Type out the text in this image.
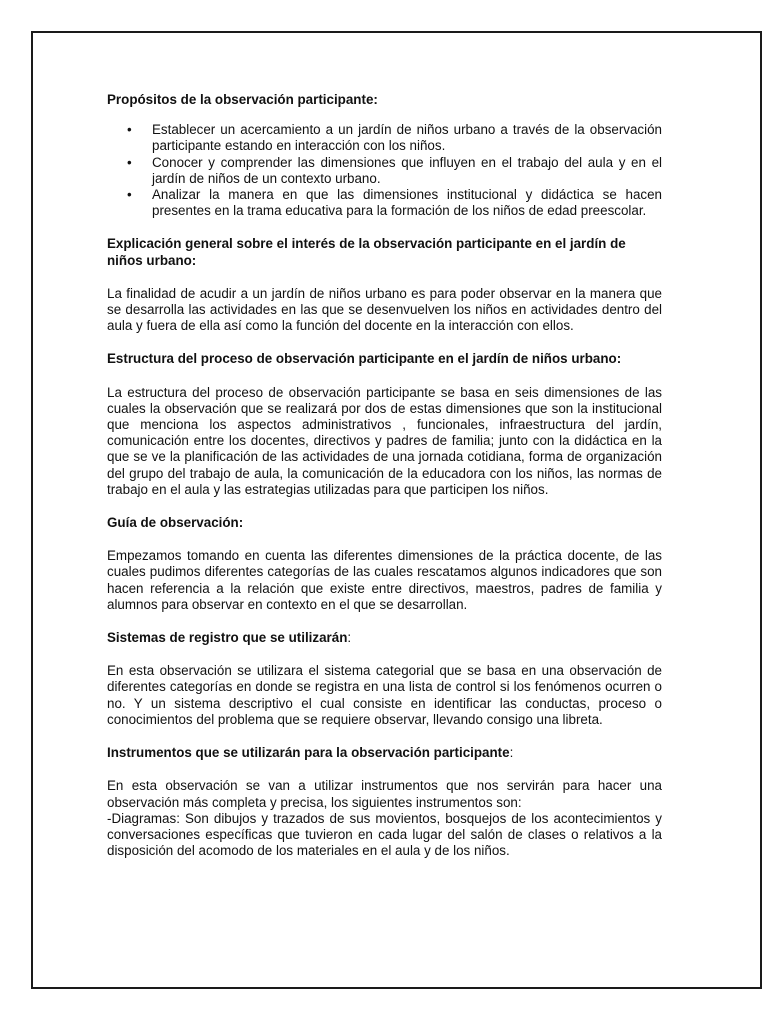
Propósitos de la observación participante:
• Establecer un acercamiento a un jardín de niños urbano a través de la observación participante estando en interacción con los niños.
• Conocer y comprender las dimensiones que influyen en el trabajo del aula y en el jardín de niños de un contexto urbano.
• Analizar la manera en que las dimensiones institucional y didáctica se hacen presentes en la trama educativa para la formación de los niños de edad preescolar.
Explicación general sobre el interés de la observación participante en el jardín de niños urbano:

La finalidad de acudir a un jardín de niños urbano es para poder observar en la manera que se desarrolla las actividades en las que se desenvuelven los niños en actividades dentro del aula y fuera de ella así como la función del docente en la interacción con ellos.

Estructura del proceso de observación participante en el jardín de niños urbano:

La estructura del proceso de observación participante se basa en seis dimensiones de las cuales la observación que se realizará por dos de estas dimensiones que son la institucional que menciona los aspectos administrativos , funcionales, infraestructura del jardín, comunicación entre los docentes, directivos y padres de familia; junto con la didáctica en la que se ve la planificación de las actividades de una jornada cotidiana, forma de organización del grupo del trabajo de aula, la comunicación de la educadora con los niños, las normas de trabajo en el aula y las estrategias utilizadas para que participen los niños.

Guía de observación:

Empezamos tomando en cuenta las diferentes dimensiones de la práctica docente, de las cuales pudimos diferentes categorías de las cuales rescatamos algunos indicadores que son hacen referencia a la relación que existe entre directivos, maestros, padres de familia y alumnos para observar en contexto en el que se desarrollan.

Sistemas de registro que se utilizarán:

En esta observación se utilizara el sistema categorial que se basa en una observación de diferentes categorías en donde se registra en una lista de control si los fenómenos ocurren o no. Y un sistema descriptivo el cual consiste en identificar las conductas, proceso o conocimientos del problema que se requiere observar, llevando consigo una libreta.

Instrumentos que se utilizarán para la observación participante:

En esta observación se van a utilizar instrumentos que nos servirán para hacer una observación más completa y precisa, los siguientes instrumentos son:

-Diagramas: Son dibujos y trazados de sus movientos, bosquejos de los acontecimientos y conversaciones específicas que tuvieron en cada lugar del salón de clases o relativos a la disposición del acomodo de los materiales en el aula y de los niños.
